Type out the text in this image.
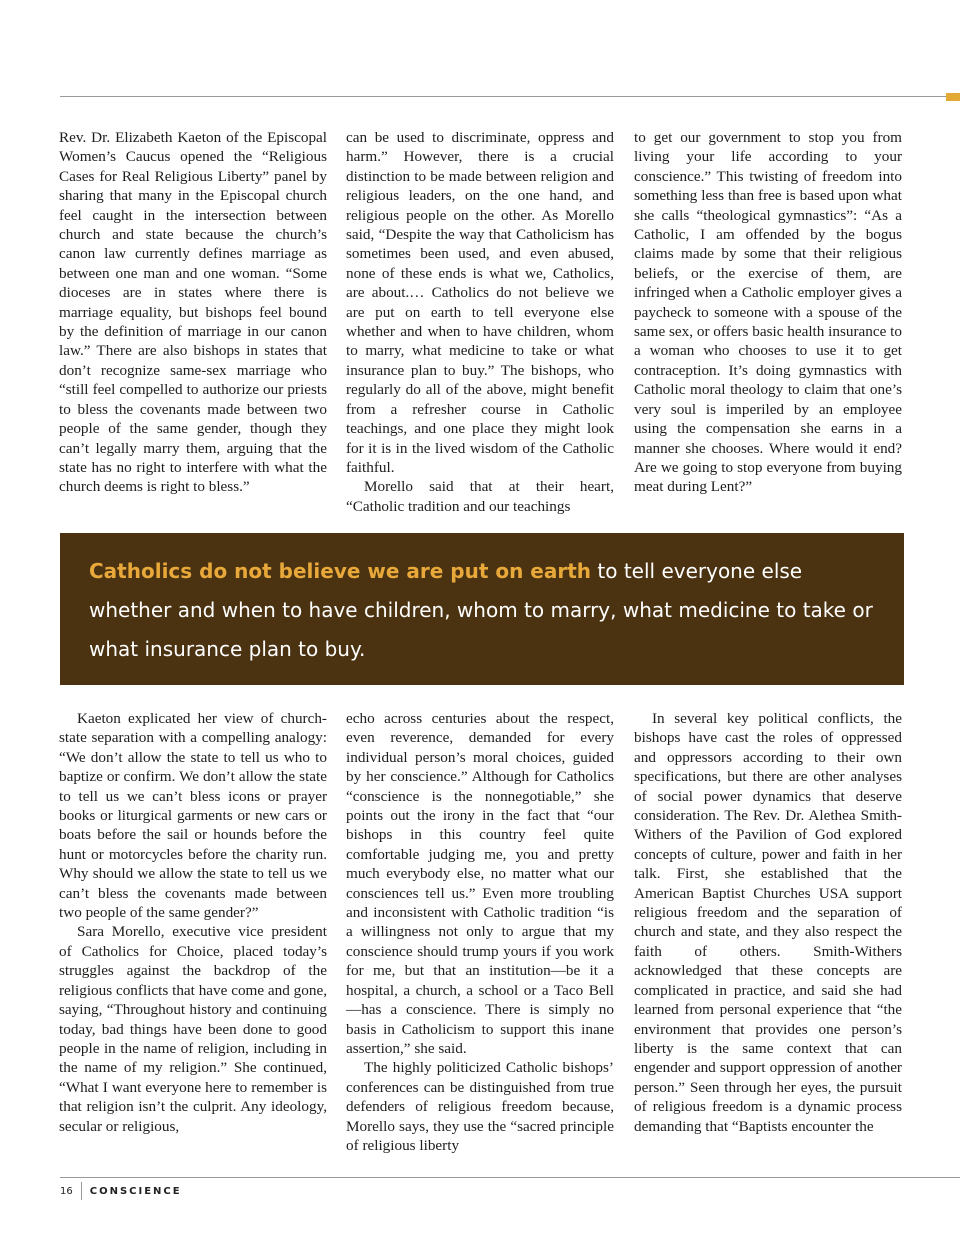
Rev. Dr. Elizabeth Kaeton of the Episcopal Women’s Caucus opened the “Religious Cases for Real Religious Liberty” panel by sharing that many in the Episcopal church feel caught in the intersection between church and state because the church’s canon law currently defines marriage as between one man and one woman. “Some dioceses are in states where there is marriage equality, but bishops feel bound by the definition of marriage in our canon law.” There are also bishops in states that don’t recognize same-sex marriage who “still feel compelled to authorize our priests to bless the covenants made between two people of the same gender, though they can’t legally marry them, arguing that the state has no right to interfere with what the church deems is right to bless.”

can be used to discriminate, oppress and harm.” However, there is a crucial distinction to be made between religion and religious leaders, on the one hand, and religious people on the other. As Morello said, “Despite the way that Catholicism has sometimes been used, and even abused, none of these ends is what we, Catholics, are about.… Catholics do not believe we are put on earth to tell everyone else whether and when to have children, whom to marry, what medicine to take or what insurance plan to buy.” The bishops, who regularly do all of the above, might benefit from a refresher course in Catholic teachings, and one place they might look for it is in the lived wisdom of the Catholic faithful.

Morello said that at their heart, “Catholic tradition and our teachings

to get our government to stop you from living your life according to your conscience.” This twisting of freedom into something less than free is based upon what she calls “theological gymnastics”: “As a Catholic, I am offended by the bogus claims made by some that their religious beliefs, or the exercise of them, are infringed when a Catholic employer gives a paycheck to someone with a spouse of the same sex, or offers basic health insurance to a woman who chooses to use it to get contraception. It’s doing gymnastics with Catholic moral theology to claim that one’s very soul is imperiled by an employee using the compensation she earns in a manner she chooses. Where would it end? Are we going to stop everyone from buying meat during Lent?”

Catholics do not believe we are put on earth to tell everyone else whether and when to have children, whom to marry, what medicine to take or what insurance plan to buy.

Kaeton explicated her view of church-state separation with a compelling analogy: “We don’t allow the state to tell us who to baptize or confirm. We don’t allow the state to tell us we can’t bless icons or prayer books or liturgical garments or new cars or boats before the sail or hounds before the hunt or motorcycles before the charity run. Why should we allow the state to tell us we can’t bless the covenants made between two people of the same gender?”

Sara Morello, executive vice president of Catholics for Choice, placed today’s struggles against the backdrop of the religious conflicts that have come and gone, saying, “Throughout history and continuing today, bad things have been done to good people in the name of religion, including in the name of my religion.” She continued, “What I want everyone here to remember is that religion isn’t the culprit. Any ideology, secular or religious,

echo across centuries about the respect, even reverence, demanded for every individual person’s moral choices, guided by her conscience.” Although for Catholics “conscience is the nonnegotiable,” she points out the irony in the fact that “our bishops in this country feel quite comfortable judging me, you and pretty much everybody else, no matter what our consciences tell us.” Even more troubling and inconsistent with Catholic tradition “is a willingness not only to argue that my conscience should trump yours if you work for me, but that an institution—be it a hospital, a church, a school or a Taco Bell—has a conscience. There is simply no basis in Catholicism to support this inane assertion,” she said.

The highly politicized Catholic bishops’ conferences can be distinguished from true defenders of religious freedom because, Morello says, they use the “sacred principle of religious liberty

In several key political conflicts, the bishops have cast the roles of oppressed and oppressors according to their own specifications, but there are other analyses of social power dynamics that deserve consideration. The Rev. Dr. Alethea Smith-Withers of the Pavilion of God explored concepts of culture, power and faith in her talk. First, she established that the American Baptist Churches USA support religious freedom and the separation of church and state, and they also respect the faith of others. Smith-Withers acknowledged that these concepts are complicated in practice, and said she had learned from personal experience that “the environment that provides one person’s liberty is the same context that can engender and support oppression of another person.” Seen through her eyes, the pursuit of religious freedom is a dynamic process demanding that “Baptists encounter the

16	CONSCIENCE
